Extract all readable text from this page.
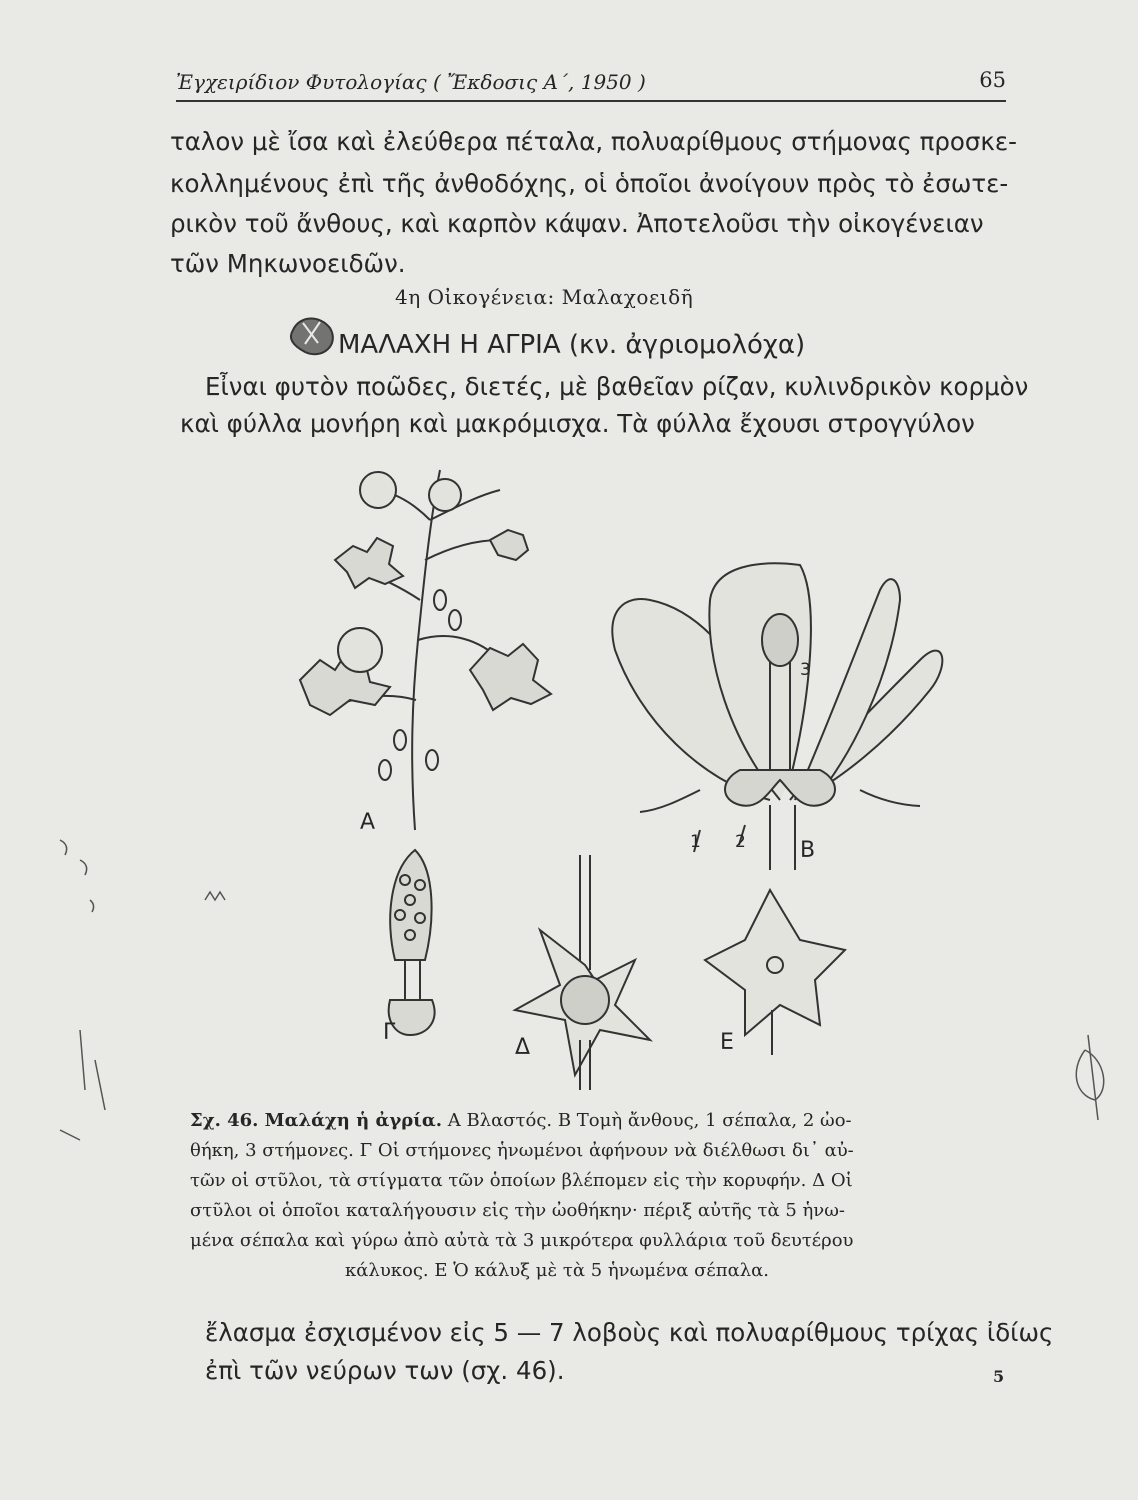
Ἐγχειρίδιον Φυτολογίας ( Ἔκδοσις Α΄, 1950 )	65
ταλον μὲ ἴσα καὶ ἐλεύθερα πέταλα, πολυαρίθμους στήμονας προσκε-
κολλημένους ἐπὶ τῆς ἀνθοδόχης, οἱ ὁποῖοι ἀνοίγουν πρὸς τὸ ἐσωτε-
ρικὸν τοῦ ἄνθους, καὶ καρπὸν κάψαν. Ἀποτελοῦσι τὴν οἰκογένειαν
τῶν Μηκωνοειδῶν.
4η Οἰκογένεια: Μαλαχοειδῆ
ΜΑΛΑΧΗ Η ΑΓΡΙΑ (κν. ἀγριομολόχα)
Εἶναι φυτὸν ποῶδες, διετές, μὲ βαθεῖαν ρίζαν, κυλινδρικὸν κορμὸν
καὶ φύλλα μονήρη καὶ μακρόμισχα. Τὰ φύλλα ἔχουσι στρογγύλον
Α
Β
Γ
Δ	Ε
1 2
3
Σχ. 46. Μαλάχη ἡ ἀγρία. Α Βλαστός. Β Τομὴ ἄνθους, 1 σέπαλα, 2 ὠο-
θήκη, 3 στήμονες. Γ Οἱ στήμονες ἡνωμένοι ἀφήνουν νὰ διέλθωσι δι᾿ αὐ-
τῶν οἱ στῦλοι, τὰ στίγματα τῶν ὁποίων βλέπομεν εἰς τὴν κορυφήν. Δ Οἱ
στῦλοι οἱ ὁποῖοι καταλήγουσιν εἰς τὴν ὠοθήκην· πέριξ αὐτῆς τὰ 5 ἡνω-
μένα σέπαλα καὶ γύρω ἀπὸ αὐτὰ τὰ 3 μικρότερα φυλλάρια τοῦ δευτέρου
κάλυκος. Ε Ὁ κάλυξ μὲ τὰ 5 ἡνωμένα σέπαλα.
ἔλασμα ἐσχισμένον εἰς 5 — 7 λοβοὺς καὶ πολυαρίθμους τρίχας ἰδίως
ἐπὶ τῶν νεύρων των (σχ. 46).	5
